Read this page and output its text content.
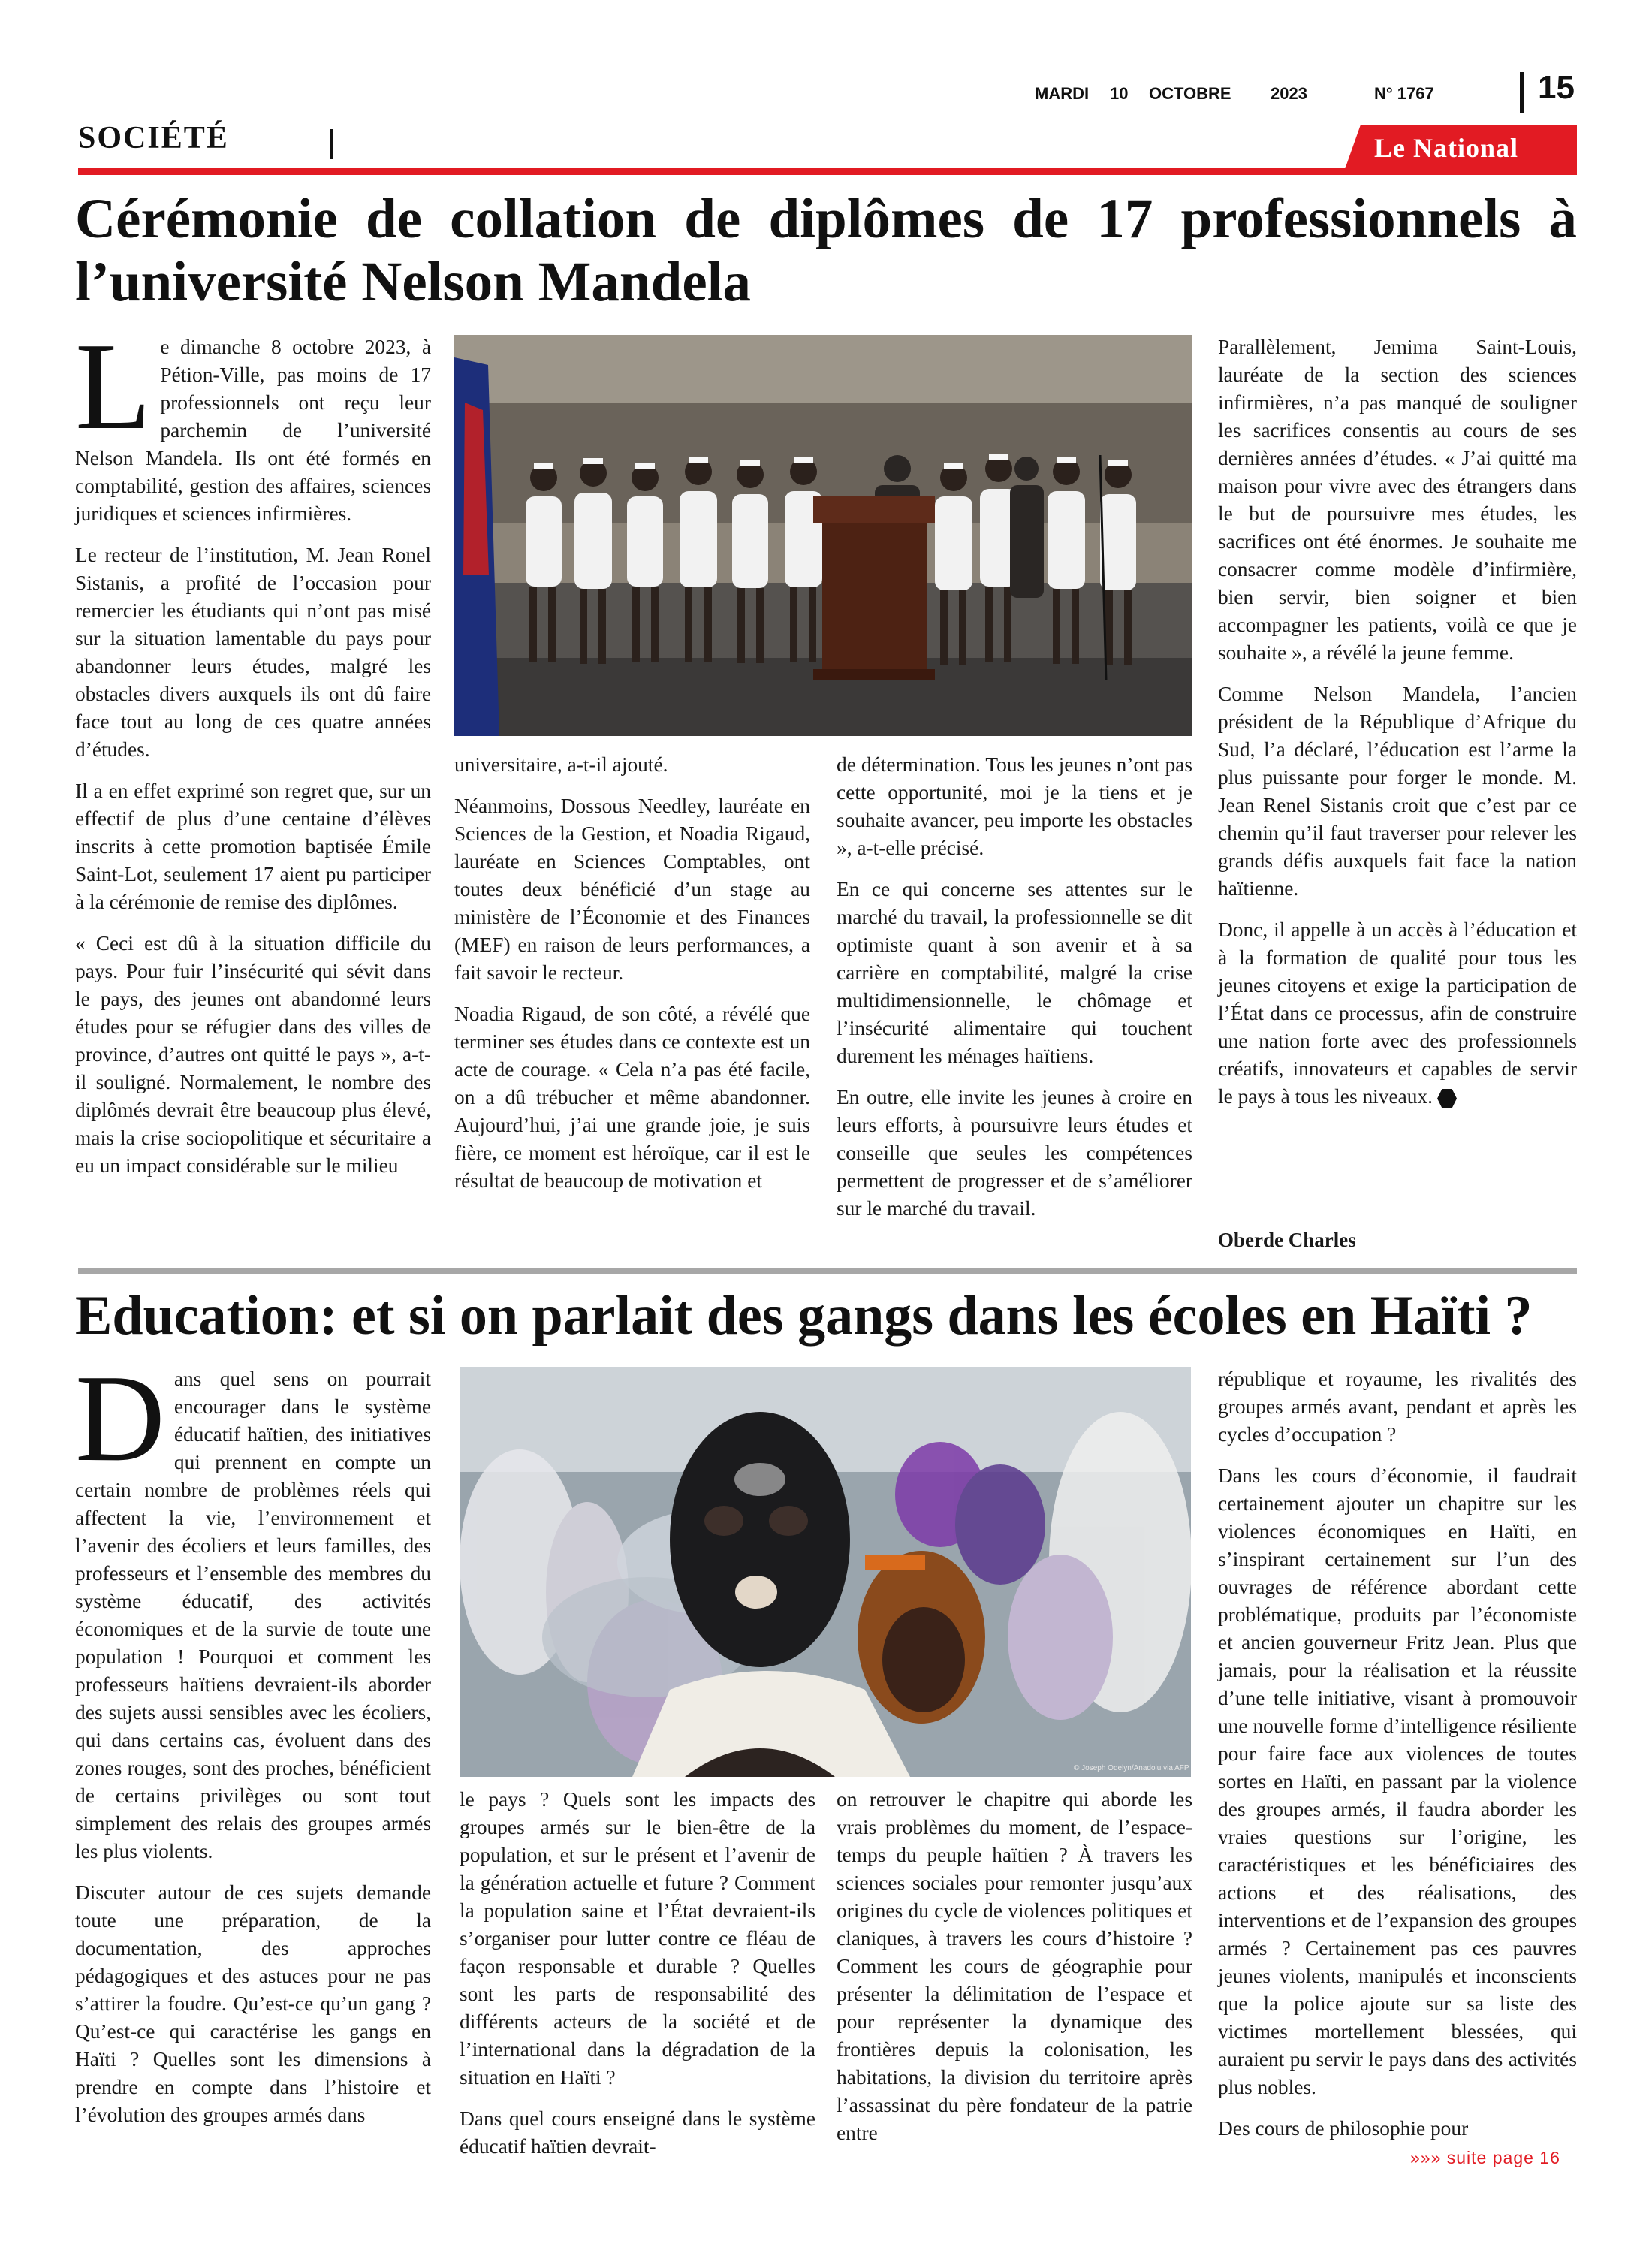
MARDI 10 OCTOBRE 2023	N° 1767	15
SOCIÉTÉ	Le National
Cérémonie de collation de diplômes de 17 professionnels à l’université Nelson Mandela

Le dimanche 8 octobre 2023, à Pétion-Ville, pas moins de 17 professionnels ont reçu leur parchemin de l’université Nelson Mandela. Ils ont été formés en comptabilité, gestion des affaires, sciences juridiques et sciences infirmières.

Le recteur de l’institution, M. Jean Ronel Sistanis, a profité de l’occasion pour remercier les étudiants qui n’ont pas misé sur la situation lamentable du pays pour abandonner leurs études, malgré les obstacles divers auxquels ils ont dû faire face tout au long de ces quatre années d’études.

Il a en effet exprimé son regret que, sur un effectif de plus d’une centaine d’élèves inscrits à cette promotion baptisée Émile Saint-Lot, seulement 17 aient pu participer à la cérémonie de remise des diplômes.

« Ceci est dû à la situation difficile du pays. Pour fuir l’insécurité qui sévit dans le pays, des jeunes ont abandonné leurs études pour se réfugier dans des villes de province, d’autres ont quitté le pays », a-t-il souligné. Normalement, le nombre des diplômés devrait être beaucoup plus élevé, mais la crise sociopolitique et sécuritaire a eu un impact considérable sur le milieu

universitaire, a-t-il ajouté.

Néanmoins, Dossous Needley, lauréate en Sciences de la Gestion, et Noadia Rigaud, lauréate en Sciences Comptables, ont toutes deux bénéficié d’un stage au ministère de l’Économie et des Finances (MEF) en raison de leurs performances, a fait savoir le recteur.

Noadia Rigaud, de son côté, a révélé que terminer ses études dans ce contexte est un acte de courage. « Cela n’a pas été facile, on a dû trébucher et même abandonner. Aujourd’hui, j’ai une grande joie, je suis fière, ce moment est héroïque, car il est le résultat de beaucoup de motivation et

de détermination. Tous les jeunes n’ont pas cette opportunité, moi je la tiens et je souhaite avancer, peu importe les obstacles », a-t-elle précisé.

En ce qui concerne ses attentes sur le marché du travail, la professionnelle se dit optimiste quant à son avenir et à sa carrière en comptabilité, malgré la crise multidimensionnelle, le chômage et l’insécurité alimentaire qui touchent durement les ménages haïtiens.

En outre, elle invite les jeunes à croire en leurs efforts, à poursuivre leurs études et conseille que seules les compétences permettent de progresser et de s’améliorer sur le marché du travail.

Parallèlement, Jemima Saint-Louis, lauréate de la section des sciences infirmières, n’a pas manqué de souligner les sacrifices consentis au cours de ses dernières années d’études. « J’ai quitté ma maison pour vivre avec des étrangers dans le but de poursuivre mes études, les sacrifices ont été énormes. Je souhaite me consacrer comme modèle d’infirmière, bien servir, bien soigner et bien accompagner les patients, voilà ce que je souhaite », a révélé la jeune femme.

Comme Nelson Mandela, l’ancien président de la République d’Afrique du Sud, l’a déclaré, l’éducation est l’arme la plus puissante pour forger le monde. M. Jean Renel Sistanis croit que c’est par ce chemin qu’il faut traverser pour relever les grands défis auxquels fait face la nation haïtienne.

Donc, il appelle à un accès à l’éducation et à la formation de qualité pour tous les jeunes citoyens et exige la participation de l’État dans ce processus, afin de construire une nation forte avec des professionnels créatifs, innovateurs et capables de servir le pays à tous les niveaux.

Oberde Charles
Education: et si on parlait des gangs dans les écoles en Haïti ?

Dans quel sens on pourrait encourager dans le système éducatif haïtien, des initiatives qui prennent en compte un certain nombre de problèmes réels qui affectent la vie, l’environnement et l’avenir des écoliers et leurs familles, des professeurs et l’ensemble des membres du système éducatif, des activités économiques et de la survie de toute une population ! Pourquoi et comment les professeurs haïtiens devraient-ils aborder des sujets aussi sensibles avec les écoliers, qui dans certains cas, évoluent dans des zones rouges, sont des proches, bénéficient de certains privilèges ou sont tout simplement des relais des groupes armés les plus violents.

Discuter autour de ces sujets demande toute une préparation, de la documentation, des approches pédagogiques et des astuces pour ne pas s’attirer la foudre. Qu’est-ce qu’un gang ? Qu’est-ce qui caractérise les gangs en Haïti ? Quelles sont les dimensions à prendre en compte dans l’histoire et l’évolution des groupes armés dans

© Joseph Odelyn/Anadolu via AFP

le pays ? Quels sont les impacts des groupes armés sur le bien-être de la population, et sur le présent et l’avenir de la génération actuelle et future ? Comment la population saine et l’État devraient-ils s’organiser pour lutter contre ce fléau de façon responsable et durable ? Quelles sont les parts de responsabilité des différents acteurs de la société et de l’international dans la dégradation de la situation en Haïti ?

Dans quel cours enseigné dans le système éducatif haïtien devrait-

on retrouver le chapitre qui aborde les vrais problèmes du moment, de l’espace-temps du peuple haïtien ? À travers les sciences sociales pour remonter jusqu’aux origines du cycle de violences politiques et claniques, à travers les cours d’histoire ? Comment les cours de géographie pour présenter la délimitation de l’espace et pour représenter la dynamique des frontières depuis la colonisation, les habitations, la division du territoire après l’assassinat du père fondateur de la patrie entre

république et royaume, les rivalités des groupes armés avant, pendant et après les cycles d’occupation ?

Dans les cours d’économie, il faudrait certainement ajouter un chapitre sur les violences économiques en Haïti, en s’inspirant certainement sur l’un des ouvrages de référence abordant cette problématique, produits par l’économiste et ancien gouverneur Fritz Jean. Plus que jamais, pour la réalisation et la réussite d’une telle initiative, visant à promouvoir une nouvelle forme d’intelligence résiliente pour faire face aux violences de toutes sortes en Haïti, en passant par la violence des groupes armés, il faudra aborder les vraies questions sur l’origine, les caractéristiques et les bénéficiaires des actions et des réalisations, des interventions et de l’expansion des groupes armés ? Certainement pas ces pauvres jeunes violents, manipulés et inconscients que la police ajoute sur sa liste des victimes mortellement blessées, qui auraient pu servir le pays dans des activités plus nobles.

Des cours de philosophie pour

»»» suite page 16
